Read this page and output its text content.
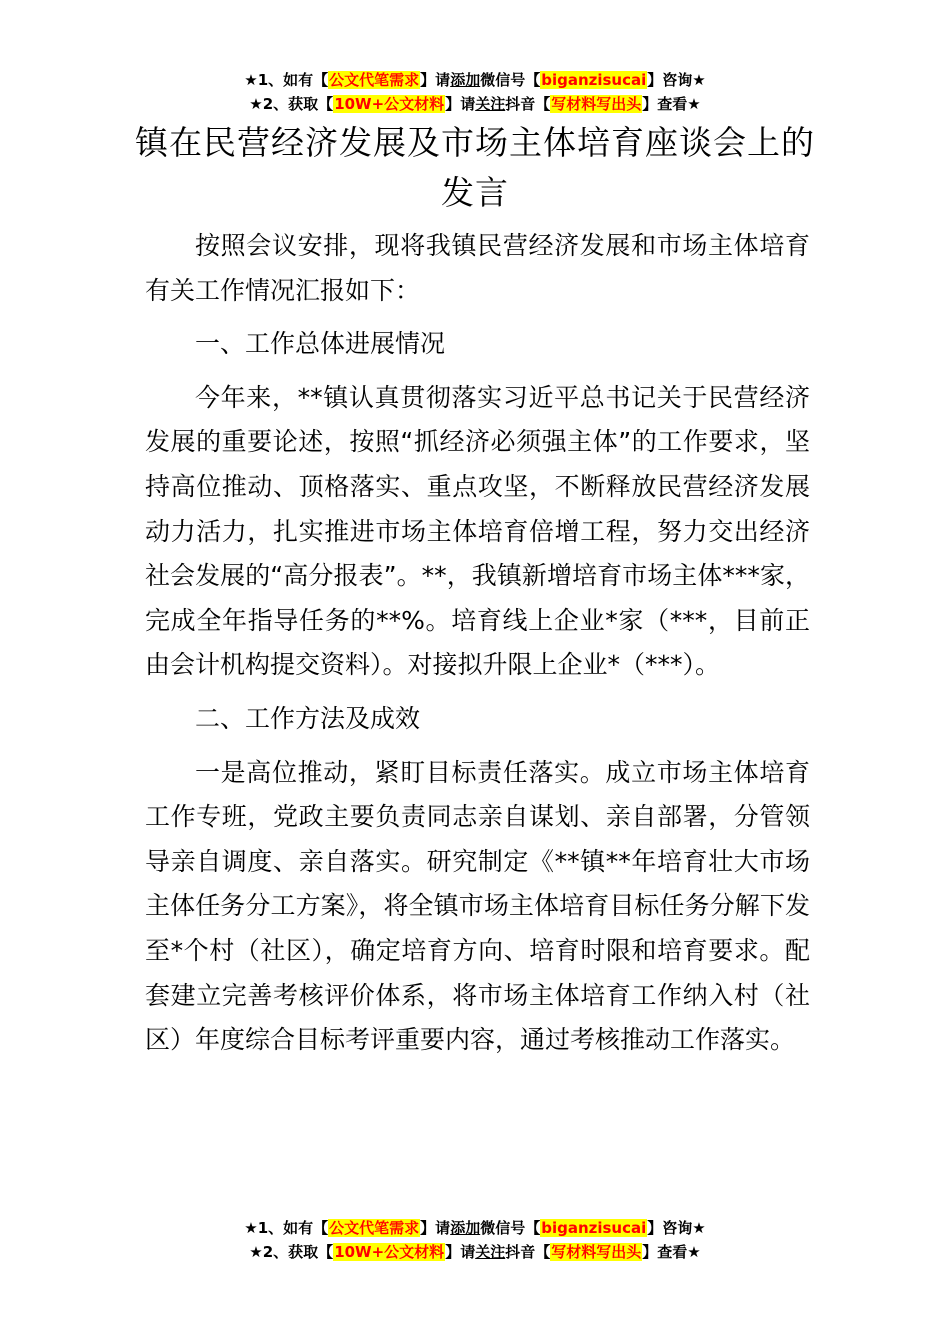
★1、如有【公文代笔需求】请添加微信号【biganzisucai】咨询★
★2、获取【10W+公文材料】请关注抖音【写材料写出头】查看★
镇在民营经济发展及市场主体培育座谈会上的发言

按照会议安排，现将我镇民营经济发展和市场主体培育有关工作情况汇报如下：

一、工作总体进展情况

今年来，**镇认真贯彻落实习近平总书记关于民营经济发展的重要论述，按照“抓经济必须强主体”的工作要求，坚持高位推动、顶格落实、重点攻坚，不断释放民营经济发展动力活力，扎实推进市场主体培育倍增工程，努力交出经济社会发展的“高分报表”。**，我镇新增培育市场主体***家，完成全年指导任务的**%。培育线上企业*家（***，目前正由会计机构提交资料）。对接拟升限上企业*（***）。

二、工作方法及成效

一是高位推动，紧盯目标责任落实。成立市场主体培育工作专班，党政主要负责同志亲自谋划、亲自部署，分管领导亲自调度、亲自落实。研究制定《**镇**年培育壮大市场主体任务分工方案》，将全镇市场主体培育目标任务分解下发至*个村（社区），确定培育方向、培育时限和培育要求。配套建立完善考核评价体系，将市场主体培育工作纳入村（社区）年度综合目标考评重要内容，通过考核推动工作落实。

★1、如有【公文代笔需求】请添加微信号【biganzisucai】咨询★
★2、获取【10W+公文材料】请关注抖音【写材料写出头】查看★
